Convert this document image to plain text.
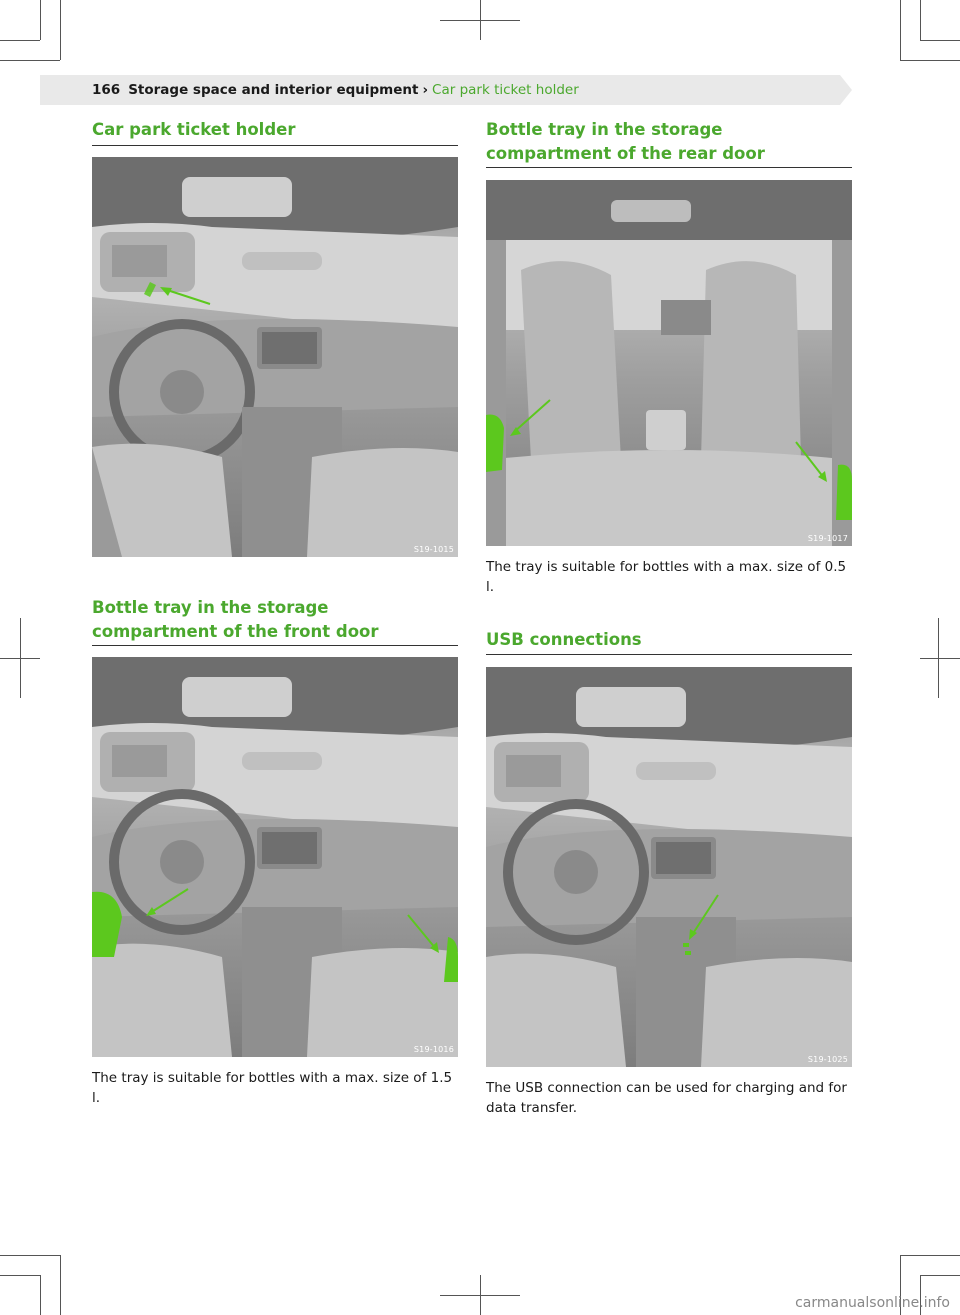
166 Storage space and interior equipment › Car park ticket holder
Car park ticket holder
S19-1015
Bottle tray in the storage compartment of the front door
S19-1016

The tray is suitable for bottles with a max. size of 1.5 l.

Bottle tray in the storage compartment of the rear door
S19-1017

The tray is suitable for bottles with a max. size of 0.5 l.

USB connections
S19-1025

The USB connection can be used for charging and for data transfer.

carmanualsonline.info
